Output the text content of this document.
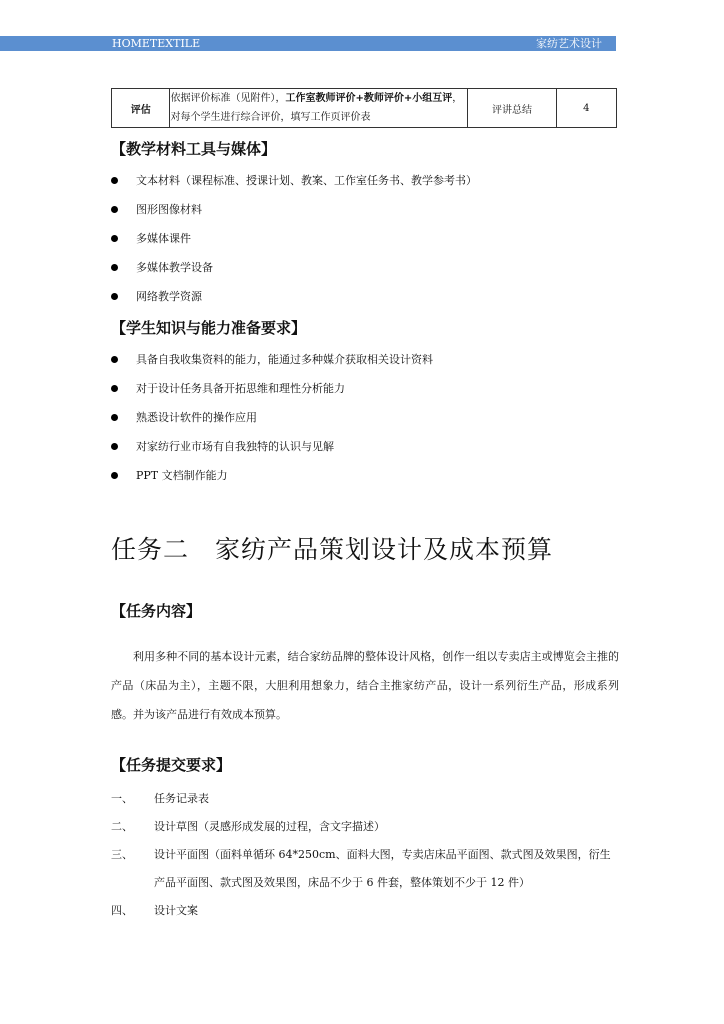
HOMETEXTILE	家纺艺术设计
评估	依据评价标准（见附件），工作室教师评价+教师评价+小组互评，对每个学生进行综合评价，填写工作页评价表	评讲总结	4
【教学材料工具与媒体】
文本材料（课程标准、授课计划、教案、工作室任务书、教学参考书）
图形图像材料
多媒体课件
多媒体教学设备
网络教学资源
【学生知识与能力准备要求】
具备自我收集资料的能力，能通过多种媒介获取相关设计资料
对于设计任务具备开拓思维和理性分析能力
熟悉设计软件的操作应用
对家纺行业市场有自我独特的认识与见解
PPT 文档制作能力
任务二　家纺产品策划设计及成本预算
【任务内容】

利用多种不同的基本设计元素，结合家纺品牌的整体设计风格，创作一组以专卖店主或博览会主推的产品（床品为主），主题不限，大胆利用想象力，结合主推家纺产品，设计一系列衍生产品，形成系列感。并为该产品进行有效成本预算。

【任务提交要求】
一、 任务记录表
二、 设计草图（灵感形成发展的过程，含文字描述）
三、 设计平面图（面料单循环 64*250cm、面料大图，专卖店床品平面图、款式图及效果图，衍生产品平面图、款式图及效果图，床品不少于 6 件套，整体策划不少于 12 件）
四、 设计文案
